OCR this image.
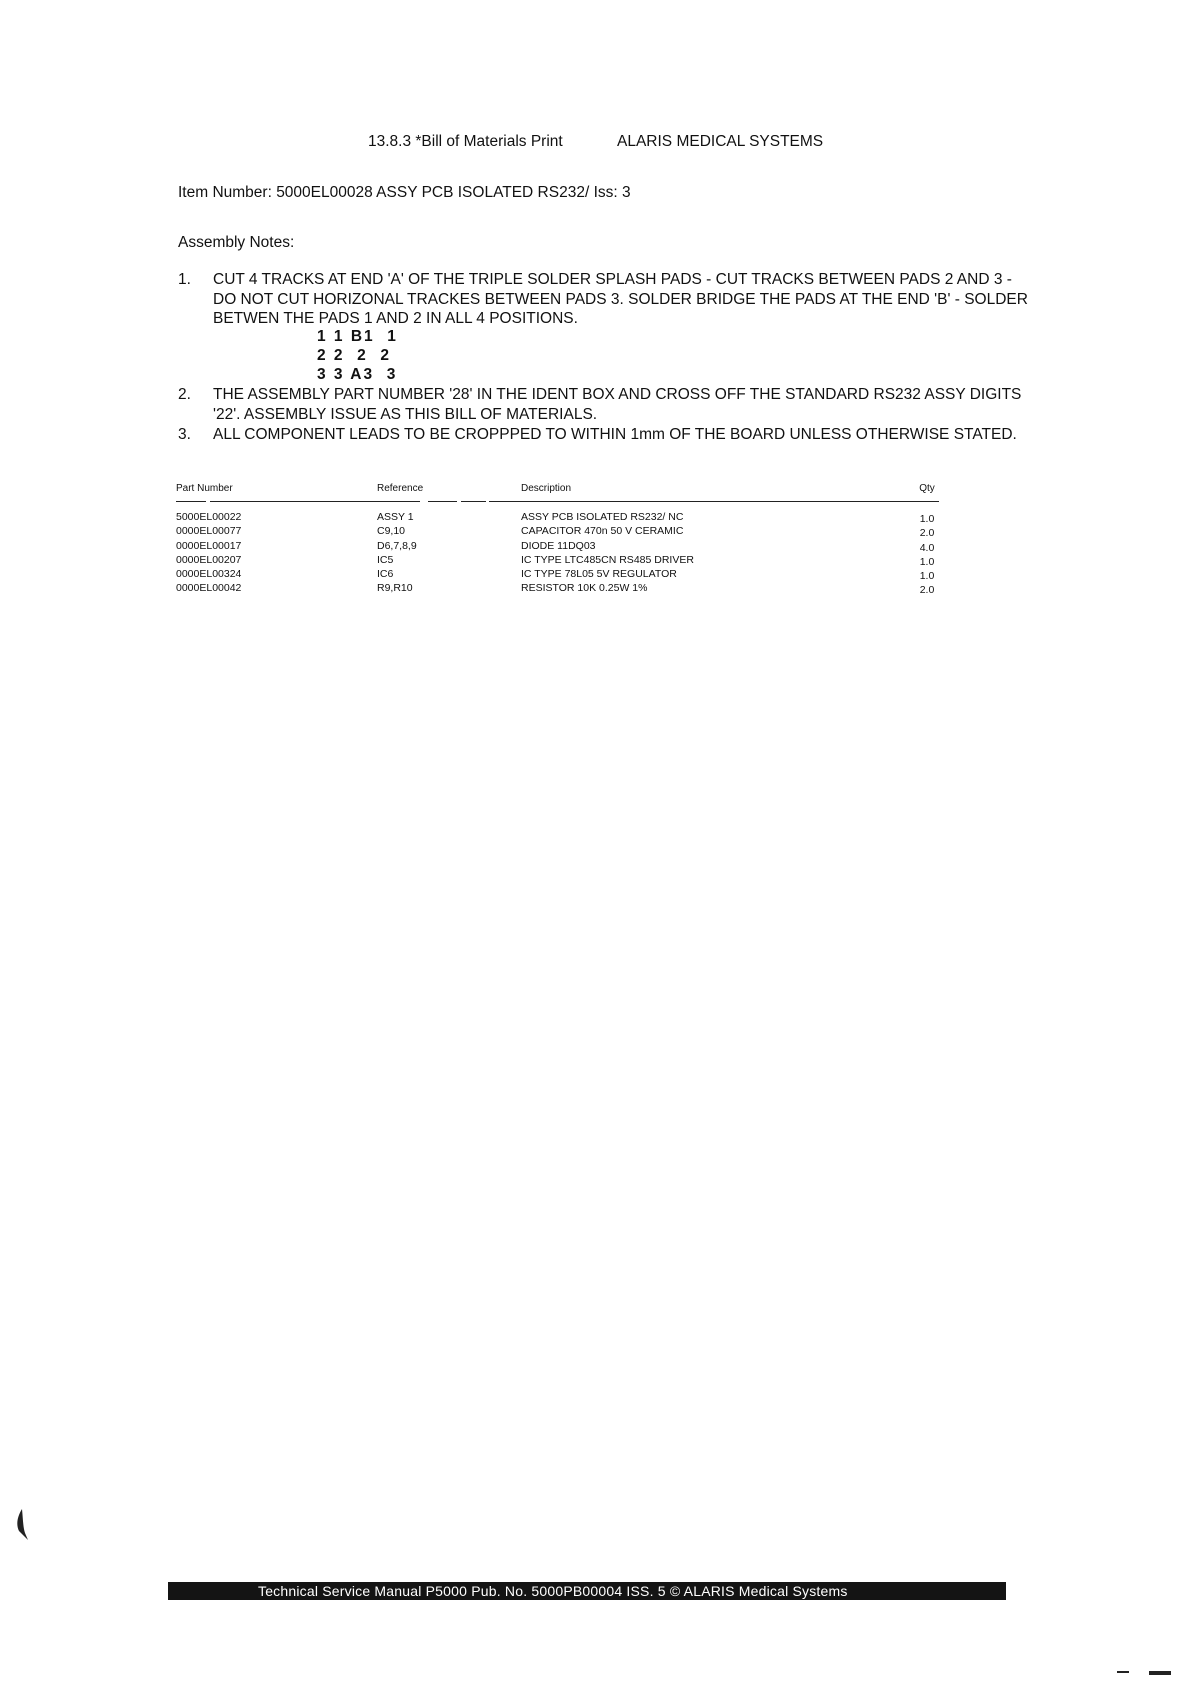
13.8.3 *Bill of Materials Print	ALARIS MEDICAL SYSTEMS
Item Number: 5000EL00028 ASSY PCB ISOLATED RS232/ Iss: 3
Assembly Notes:
1. CUT 4 TRACKS AT END 'A' OF THE TRIPLE SOLDER SPLASH PADS - CUT TRACKS BETWEEN PADS 2 AND 3 - DO NOT CUT HORIZONAL TRACKES BETWEEN PADS 3. SOLDER BRIDGE THE PADS AT THE END 'B' - SOLDER BETWEN THE PADS 1 AND 2 IN ALL 4 POSITIONS.
1 1 B1  1
2 2  2  2
3 3 A3  3
2. THE ASSEMBLY PART NUMBER '28' IN THE IDENT BOX AND CROSS OFF THE STANDARD RS232 ASSY DIGITS '22'. ASSEMBLY ISSUE AS THIS BILL OF MATERIALS.
3. ALL COMPONENT LEADS TO BE CROPPPED TO WITHIN 1mm OF THE BOARD UNLESS OTHERWISE STATED.
Part Number	Reference	Description	Qty
5000EL00022	ASSY 1	ASSY PCB ISOLATED RS232/ NC	1.0
0000EL00077	C9,10	CAPACITOR 470n 50 V CERAMIC	2.0
0000EL00017	D6,7,8,9	DIODE 11DQ03	4.0
0000EL00207	IC5	IC TYPE LTC485CN RS485 DRIVER	1.0
0000EL00324	IC6	IC TYPE 78L05 5V REGULATOR	1.0
0000EL00042	R9,R10	RESISTOR 10K 0.25W 1%	2.0
Technical Service Manual P5000 Pub. No. 5000PB00004 ISS. 5 © ALARIS Medical Systems
